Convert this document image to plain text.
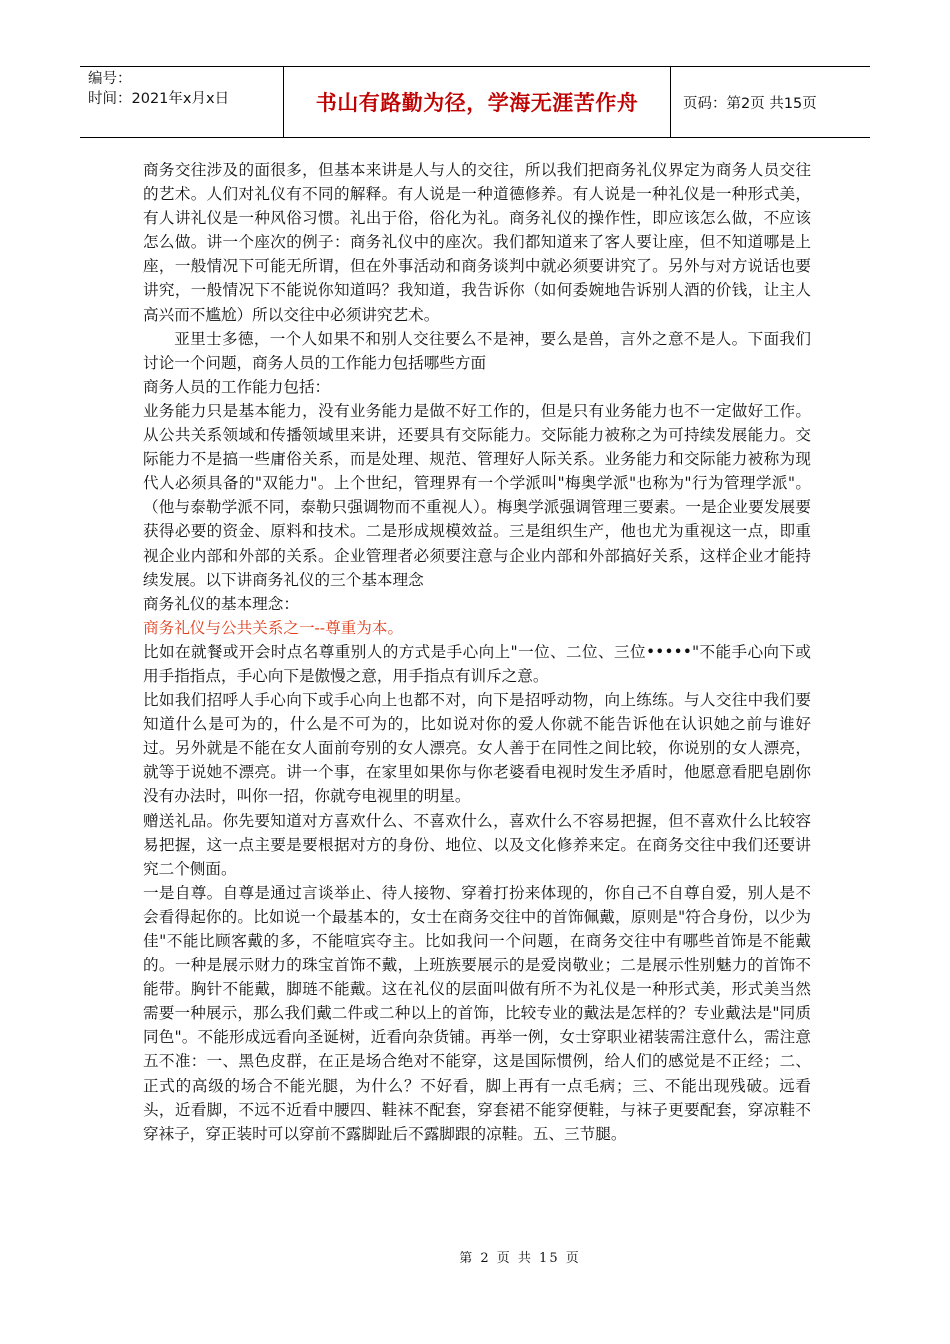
编号：
时间：2021年x月x日	书山有路勤为径，学海无涯苦作舟	页码：第2页 共15页

商务交往涉及的面很多，但基本来讲是人与人的交往，所以我们把商务礼仪界定为商务人员交往的艺术。人们对礼仪有不同的解释。有人说是一种道德修养。有人说是一种礼仪是一种形式美，有人讲礼仪是一种风俗习惯。礼出于俗，俗化为礼。商务礼仪的操作性，即应该怎么做，不应该怎么做。讲一个座次的例子：商务礼仪中的座次。我们都知道来了客人要让座，但不知道哪是上座，一般情况下可能无所谓，但在外事活动和商务谈判中就必须要讲究了。另外与对方说话也要讲究，一般情况下不能说你知道吗？我知道，我告诉你（如何委婉地告诉别人酒的价钱，让主人高兴而不尴尬）所以交往中必须讲究艺术。

亚里士多德，一个人如果不和别人交往要么不是神，要么是兽，言外之意不是人。下面我们讨论一个问题，商务人员的工作能力包括哪些方面

商务人员的工作能力包括：

业务能力只是基本能力，没有业务能力是做不好工作的，但是只有业务能力也不一定做好工作。从公共关系领域和传播领域里来讲，还要具有交际能力。交际能力被称之为可持续发展能力。交际能力不是搞一些庸俗关系，而是处理、规范、管理好人际关系。业务能力和交际能力被称为现代人必须具备的"双能力"。上个世纪，管理界有一个学派叫"梅奥学派"也称为"行为管理学派"。（他与泰勒学派不同，泰勒只强调物而不重视人）。梅奥学派强调管理三要素。一是企业要发展要获得必要的资金、原料和技术。二是形成规模效益。三是组织生产，他也尤为重视这一点，即重视企业内部和外部的关系。企业管理者必须要注意与企业内部和外部搞好关系，这样企业才能持续发展。以下讲商务礼仪的三个基本理念

商务礼仪的基本理念：

商务礼仪与公共关系之一--尊重为本。

比如在就餐或开会时点名尊重别人的方式是手心向上"一位、二位、三位•••••"不能手心向下或用手指指点，手心向下是傲慢之意，用手指点有训斥之意。

比如我们招呼人手心向下或手心向上也都不对，向下是招呼动物，向上练练。与人交往中我们要知道什么是可为的，什么是不可为的，比如说对你的爱人你就不能告诉他在认识她之前与谁好过。另外就是不能在女人面前夸别的女人漂亮。女人善于在同性之间比较，你说别的女人漂亮，就等于说她不漂亮。讲一个事，在家里如果你与你老婆看电视时发生矛盾时，他愿意看肥皂剧你没有办法时，叫你一招，你就夸电视里的明星。

赠送礼品。你先要知道对方喜欢什么、不喜欢什么，喜欢什么不容易把握，但不喜欢什么比较容易把握，这一点主要是要根据对方的身份、地位、以及文化修养来定。在商务交往中我们还要讲究二个侧面。

一是自尊。自尊是通过言谈举止、待人接物、穿着打扮来体现的，你自己不自尊自爱，别人是不会看得起你的。比如说一个最基本的，女士在商务交往中的首饰佩戴，原则是"符合身份，以少为佳"不能比顾客戴的多，不能喧宾夺主。比如我问一个问题，在商务交往中有哪些首饰是不能戴的。一种是展示财力的珠宝首饰不戴，上班族要展示的是爱岗敬业；二是展示性别魅力的首饰不能带。胸针不能戴，脚琏不能戴。这在礼仪的层面叫做有所不为礼仪是一种形式美，形式美当然需要一种展示，那么我们戴二件或二种以上的首饰，比较专业的戴法是怎样的？专业戴法是"同质同色"。不能形成远看向圣诞树，近看向杂货铺。再举一例，女士穿职业裙装需注意什么，需注意五不准：一、黑色皮群，在正是场合绝对不能穿，这是国际惯例，给人们的感觉是不正经；二、正式的高级的场合不能光腿，为什么？不好看，脚上再有一点毛病；三、不能出现残破。远看头，近看脚，不远不近看中腰四、鞋袜不配套，穿套裙不能穿便鞋，与袜子更要配套，穿凉鞋不穿袜子，穿正装时可以穿前不露脚趾后不露脚跟的凉鞋。五、三节腿。

第 2 页 共 15 页
